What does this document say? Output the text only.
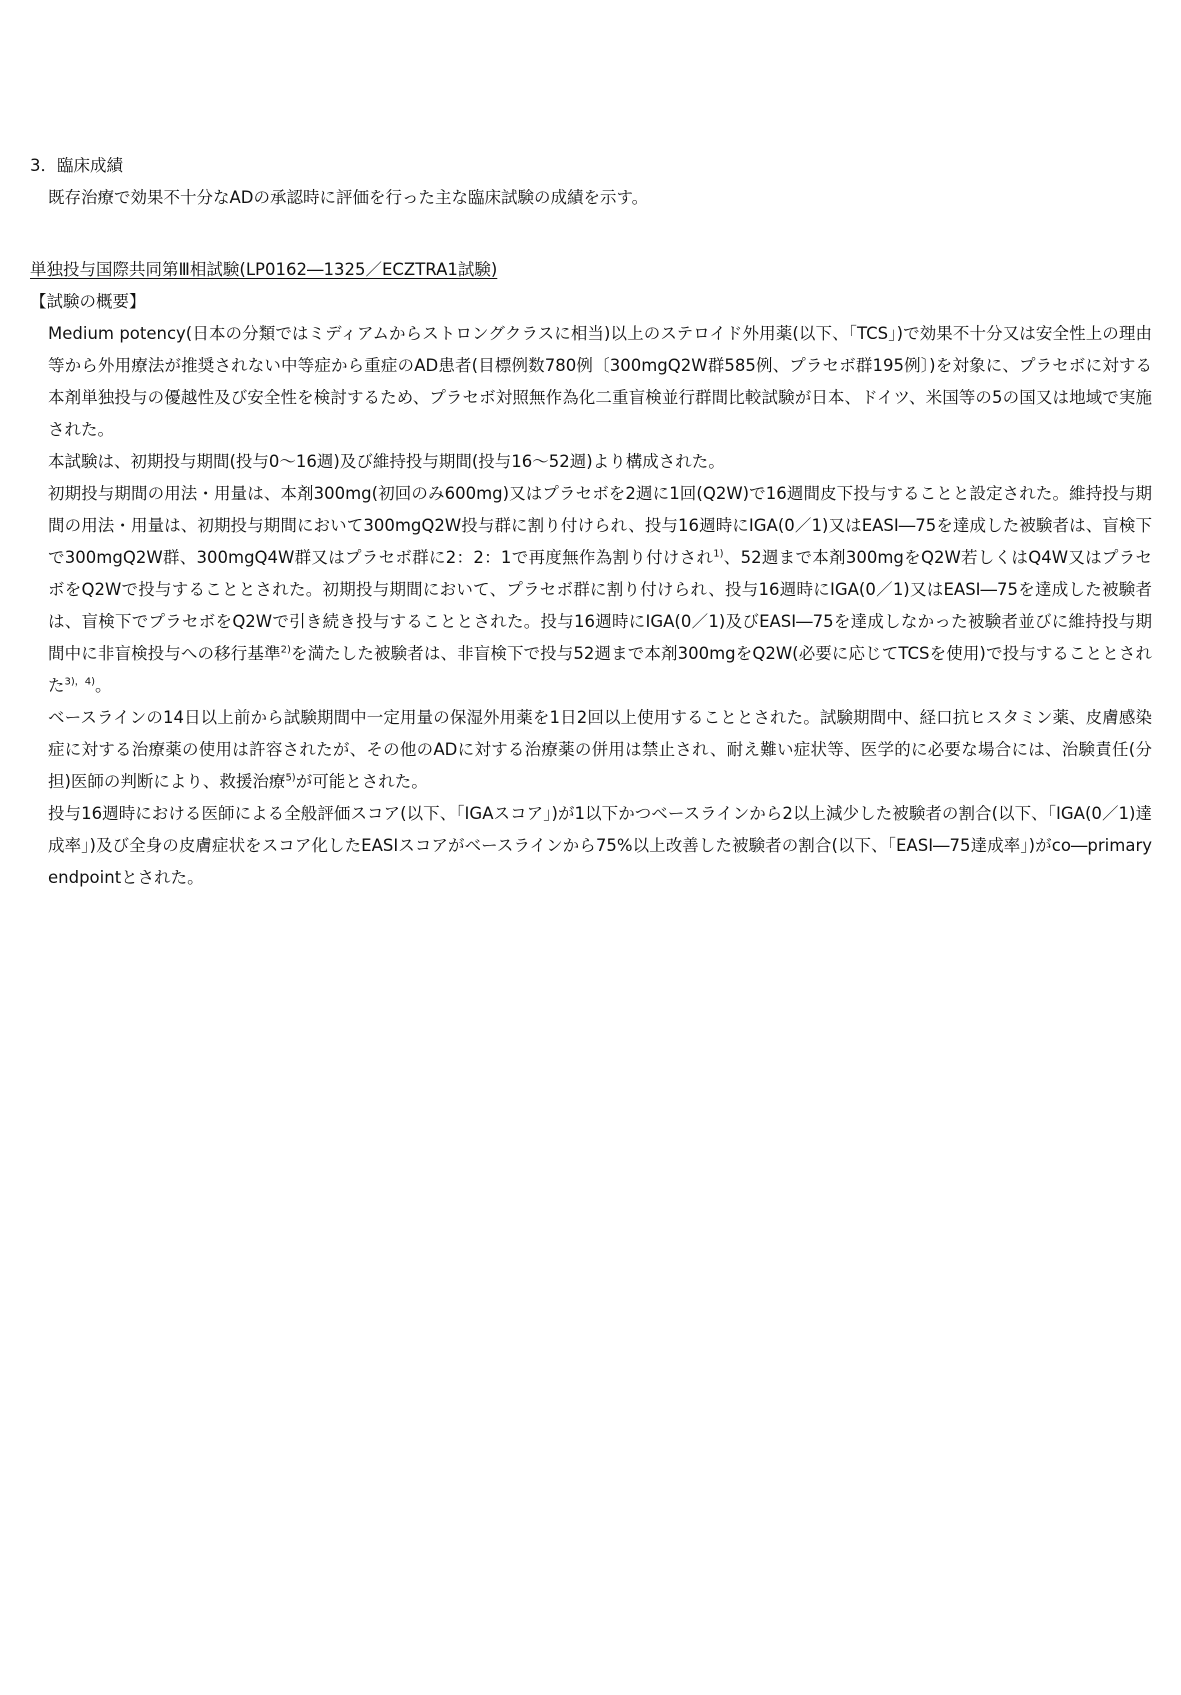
3．臨床成績
既存治療で効果不十分なADの承認時に評価を行った主な臨床試験の成績を示す。
単独投与国際共同第Ⅲ相試験(LP0162―1325／ECZTRA1試験)
【試験の概要】
Medium potency(日本の分類ではミディアムからストロングクラスに相当)以上のステロイド外用薬(以下、「TCS」)で効果不十分又は安全性上の理由等から外用療法が推奨されない中等症から重症のAD患者(目標例数780例〔300mgQ2W群585例、プラセボ群195例〕)を対象に、プラセボに対する本剤単独投与の優越性及び安全性を検討するため、プラセボ対照無作為化二重盲検並行群間比較試験が日本、ドイツ、米国等の5の国又は地域で実施された。
本試験は、初期投与期間(投与0～16週)及び維持投与期間(投与16～52週)より構成された。
初期投与期間の用法・用量は、本剤300mg(初回のみ600mg)又はプラセボを2週に1回(Q2W)で16週間皮下投与することと設定された。維持投与期間の用法・用量は、初期投与期間において300mgQ2W投与群に割り付けられ、投与16週時にIGA(0／1)又はEASI―75を達成した被験者は、盲検下で300mgQ2W群、300mgQ4W群又はプラセボ群に2：2：1で再度無作為割り付けされ$^{1)}$、52週まで本剤300mgをQ2W若しくはQ4W又はプラセボをQ2Wで投与することとされた。初期投与期間において、プラセボ群に割り付けられ、投与16週時にIGA(0／1)又はEASI―75を達成した被験者は、盲検下でプラセボをQ2Wで引き続き投与することとされた。投与16週時にIGA(0／1)及びEASI―75を達成しなかった被験者並びに維持投与期間中に非盲検投与への移行基準$^{2)}$を満たした被験者は、非盲検下で投与52週まで本剤300mgをQ2W(必要に応じてTCSを使用)で投与することとされた$^{3),4)}$。
ベースラインの14日以上前から試験期間中一定用量の保湿外用薬を1日2回以上使用することとされた。試験期間中、経口抗ヒスタミン薬、皮膚感染症に対する治療薬の使用は許容されたが、その他のADに対する治療薬の併用は禁止され、耐え難い症状等、医学的に必要な場合には、治験責任(分担)医師の判断により、救援治療$^{5)}$が可能とされた。
投与16週時における医師による全般評価スコア(以下、「IGAスコア」)が1以下かつベースラインから2以上減少した被験者の割合(以下、「IGA(0／1)達成率」)及び全身の皮膚症状をスコア化したEASIスコアがベースラインから75%以上改善した被験者の割合(以下、「EASI―75達成率」)がco―primary endpointとされた。
